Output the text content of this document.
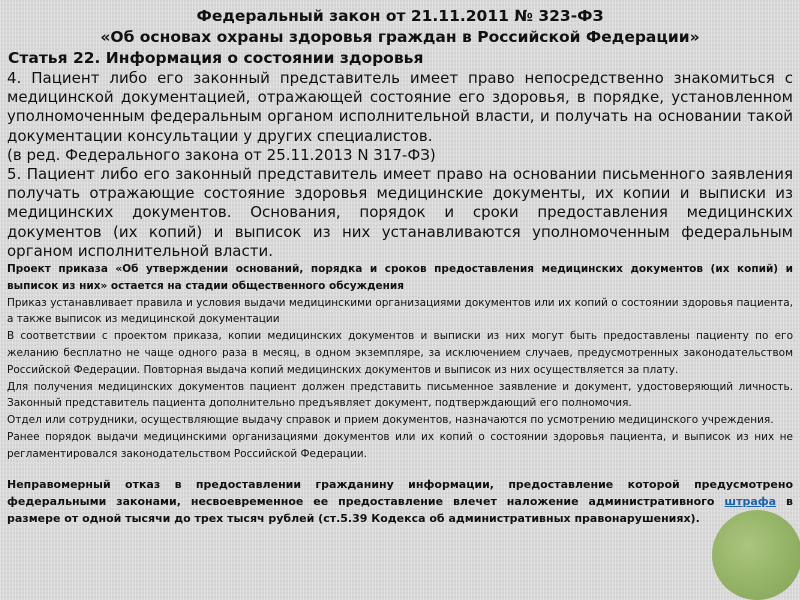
Федеральный закон от 21.11.2011 № 323-ФЗ

«Об основах охраны здоровья граждан в Российской Федерации»

Статья 22. Информация о состоянии здоровья

4. Пациент либо его законный представитель имеет право непосредственно знакомиться с медицинской документацией, отражающей состояние его здоровья, в порядке, установленном уполномоченным федеральным органом исполнительной власти, и получать на основании такой документации консультации у других специалистов.

(в ред. Федерального закона от 25.11.2013 N 317-ФЗ)

5. Пациент либо его законный представитель имеет право на основании письменного заявления получать отражающие состояние здоровья медицинские документы, их копии и выписки из медицинских документов. Основания, порядок и сроки предоставления медицинских документов (их копий) и выписок из них устанавливаются уполномоченным федеральным органом исполнительной власти.

Проект приказа «Об утверждении оснований, порядка и сроков предоставления медицинских документов (их копий) и выписок из них» остается на стадии общественного обсуждения

Приказ устанавливает правила и условия выдачи медицинскими организациями документов или их копий о состоянии здоровья пациента, а также выписок из медицинской документации

В соответствии с проектом приказа, копии медицинских документов и выписки из них могут быть предоставлены пациенту по его желанию бесплатно не чаще одного раза в месяц, в одном экземпляре, за исключением случаев, предусмотренных законодательством Российской Федерации. Повторная выдача копий медицинских документов и выписок из них осуществляется за плату.

Для получения медицинских документов пациент должен представить письменное заявление и документ, удостоверяющий личность. Законный представитель пациента дополнительно предъявляет документ, подтверждающий его полномочия.

Отдел или сотрудники, осуществляющие выдачу справок и прием документов, назначаются по усмотрению медицинского учреждения.

Ранее порядок выдачи медицинскими организациями документов или их копий о состоянии здоровья пациента, и выписок из них не регламентировался законодательством Российской Федерации.

Неправомерный отказ в предоставлении гражданину информации, предоставление которой предусмотрено федеральными законами, несвоевременное ее предоставление влечет наложение административного штрафа в размере от одной тысячи до трех тысяч рублей (ст.5.39 Кодекса об административных правонарушениях).
